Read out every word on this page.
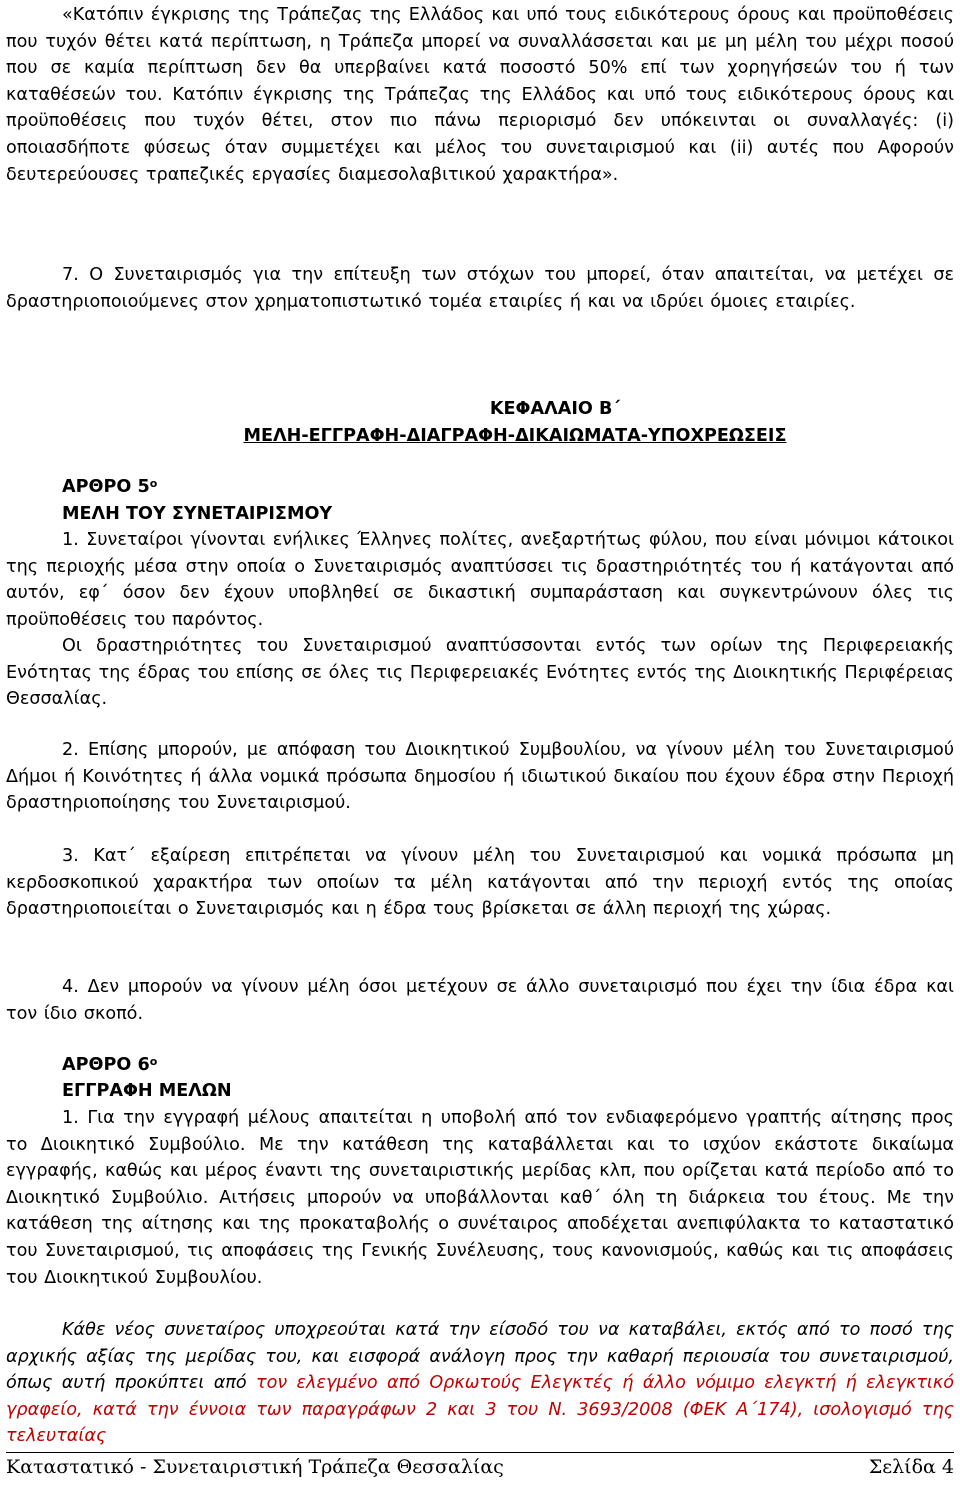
«Κατόπιν έγκρισης της Τράπεζας της Ελλάδος και υπό τους ειδικότερους όρους και προϋποθέσεις που τυχόν θέτει κατά περίπτωση, η Τράπεζα μπορεί να συναλλάσσεται και με μη μέλη του μέχρι ποσού που σε καμία περίπτωση δεν θα υπερβαίνει κατά ποσοστό 50% επί των χορηγήσεών του ή των καταθέσεών του. Κατόπιν έγκρισης της Τράπεζας της Ελλάδος και υπό τους ειδικότερους όρους και προϋποθέσεις που τυχόν θέτει, στον πιο πάνω περιορισμό δεν υπόκεινται οι συναλλαγές: (i) οποιασδήποτε φύσεως όταν συμμετέχει και μέλος του συνεταιρισμού και (ii) αυτές που Αφορούν δευτερεύουσες τραπεζικές εργασίες διαμεσολαβιτικού χαρακτήρα».
7. Ο Συνεταιρισμός για την επίτευξη των στόχων του μπορεί, όταν απαιτείται, να μετέχει σε δραστηριοποιούμενες στον χρηματοπιστωτικό τομέα εταιρίες ή και να ιδρύει όμοιες εταιρίες.
ΚΕΦΑΛΑΙΟ Β΄
ΜΕΛΗ-ΕΓΓΡΑΦΗ-ΔΙΑΓΡΑΦΗ-ΔΙΚΑΙΩΜΑΤΑ-ΥΠΟΧΡΕΩΣΕΙΣ
ΑΡΘΡΟ $5^o$
ΜΕΛΗ ΤΟΥ ΣΥΝΕΤΑΙΡΙΣΜΟΥ
1. Συνεταίροι γίνονται ενήλικες Έλληνες πολίτες, ανεξαρτήτως φύλου, που είναι μόνιμοι κάτοικοι της περιοχής μέσα στην οποία ο Συνεταιρισμός αναπτύσσει τις δραστηριότητές του ή κατάγονται από αυτόν, εφ΄ όσον δεν έχουν υποβληθεί σε δικαστική συμπαράσταση και συγκεντρώνουν όλες τις προϋποθέσεις του παρόντος.
Οι δραστηριότητες του Συνεταιρισμού αναπτύσσονται εντός των ορίων της Περιφερειακής Ενότητας της έδρας του επίσης σε όλες τις Περιφερειακές Ενότητες εντός της Διοικητικής Περιφέρειας Θεσσαλίας.
2. Επίσης μπορούν, με απόφαση του Διοικητικού Συμβουλίου, να γίνουν μέλη του Συνεταιρισμού Δήμοι ή Κοινότητες ή άλλα νομικά πρόσωπα δημοσίου ή ιδιωτικού δικαίου που έχουν έδρα στην Περιοχή δραστηριοποίησης του Συνεταιρισμού.
3. Κατ΄ εξαίρεση επιτρέπεται να γίνουν μέλη του Συνεταιρισμού και νομικά πρόσωπα μη κερδοσκοπικού χαρακτήρα των οποίων τα μέλη κατάγονται από την περιοχή εντός της οποίας δραστηριοποιείται ο Συνεταιρισμός και η έδρα τους βρίσκεται σε άλλη περιοχή της χώρας.
4. Δεν μπορούν να γίνουν μέλη όσοι μετέχουν σε άλλο συνεταιρισμό που έχει την ίδια έδρα και τον ίδιο σκοπό.
ΑΡΘΡΟ $6^o$
ΕΓΓΡΑΦΗ ΜΕΛΩΝ
1. Για την εγγραφή μέλους απαιτείται η υποβολή από τον ενδιαφερόμενο γραπτής αίτησης προς το Διοικητικό Συμβούλιο. Με την κατάθεση της καταβάλλεται και το ισχύον εκάστοτε δικαίωμα εγγραφής, καθώς και μέρος έναντι της συνεταιριστικής μερίδας κλπ, που ορίζεται κατά περίοδο από το Διοικητικό Συμβούλιο. Αιτήσεις μπορούν να υποβάλλονται καθ΄ όλη τη διάρκεια του έτους. Με την κατάθεση της αίτησης και της προκαταβολής ο συνέταιρος αποδέχεται ανεπιφύλακτα το καταστατικό του Συνεταιρισμού, τις αποφάσεις της Γενικής Συνέλευσης, τους κανονισμούς, καθώς και τις αποφάσεις του Διοικητικού Συμβουλίου.
Κάθε νέος συνεταίρος υποχρεούται κατά την είσοδό του να καταβάλει, εκτός από το ποσό της αρχικής αξίας της μερίδας του, και εισφορά ανάλογη προς την καθαρή περιουσία του συνεταιρισμού, όπως αυτή προκύπτει από τον ελεγμένο από Ορκωτούς Ελεγκτές ή άλλο νόμιμο ελεγκτή ή ελεγκτικό γραφείο, κατά την έννοια των παραγράφων 2 και 3 του Ν. 3693/2008 (ΦΕΚ Α΄174), ισολογισμό της τελευταίας
Καταστατικό - Συνεταιριστική Τράπεζα Θεσσαλίας	Σελίδα 4
